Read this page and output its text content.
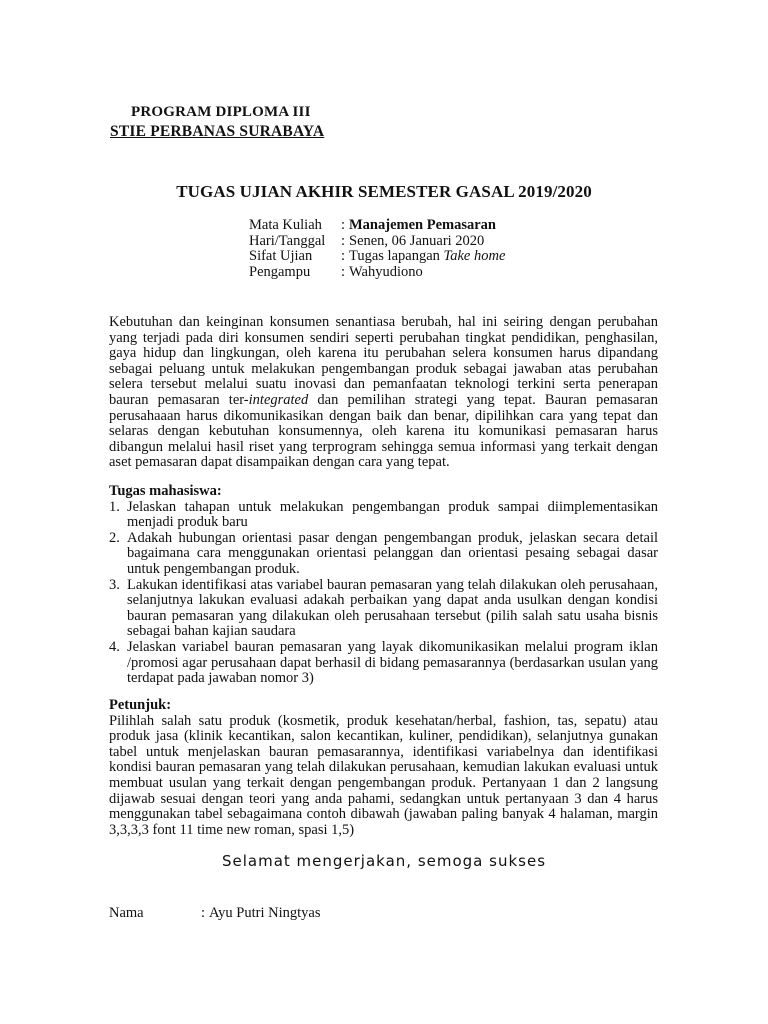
PROGRAM DIPLOMA III
STIE PERBANAS SURABAYA
TUGAS UJIAN AKHIR SEMESTER GASAL 2019/2020
Mata Kuliah	: Manajemen Pemasaran
Hari/Tanggal	: Senen, 06 Januari 2020
Sifat Ujian	: Tugas lapangan Take home
Pengampu	: Wahyudiono

Kebutuhan dan keinginan konsumen senantiasa berubah, hal ini seiring dengan perubahan yang terjadi pada diri konsumen sendiri seperti perubahan tingkat pendidikan, penghasilan, gaya hidup dan lingkungan, oleh karena itu perubahan selera konsumen harus dipandang sebagai peluang untuk melakukan pengembangan produk sebagai jawaban atas perubahan selera tersebut melalui suatu inovasi dan pemanfaatan teknologi terkini serta penerapan bauran pemasaran ter-integrated dan pemilihan strategi yang tepat. Bauran pemasaran perusahaaan harus dikomunikasikan dengan baik dan benar, dipilihkan cara yang tepat dan selaras dengan kebutuhan konsumennya, oleh karena itu komunikasi pemasaran harus dibangun melalui hasil riset yang terprogram sehingga semua informasi yang terkait dengan aset pemasaran dapat disampaikan dengan cara yang tepat.

Tugas mahasiswa:

1. Jelaskan tahapan untuk melakukan pengembangan produk sampai diimplementasikan menjadi produk baru
2. Adakah hubungan orientasi pasar dengan pengembangan produk, jelaskan secara detail bagaimana cara menggunakan orientasi pelanggan dan orientasi pesaing sebagai dasar untuk pengembangan produk.
3. Lakukan identifikasi atas variabel bauran pemasaran yang telah dilakukan oleh perusahaan, selanjutnya lakukan evaluasi adakah perbaikan yang dapat anda usulkan dengan kondisi bauran pemasaran yang dilakukan oleh perusahaan tersebut (pilih salah satu usaha bisnis sebagai bahan kajian saudara
4. Jelaskan variabel bauran pemasaran yang layak dikomunikasikan melalui program iklan /promosi agar perusahaan dapat berhasil di bidang pemasarannya (berdasarkan usulan yang terdapat pada jawaban nomor 3)

Petunjuk:

Pilihlah salah satu produk (kosmetik, produk kesehatan/herbal, fashion, tas, sepatu) atau produk jasa (klinik kecantikan, salon kecantikan, kuliner, pendidikan), selanjutnya gunakan tabel untuk menjelaskan bauran pemasarannya, identifikasi variabelnya dan identifikasi kondisi bauran pemasaran yang telah dilakukan perusahaan, kemudian lakukan evaluasi untuk membuat usulan yang terkait dengan pengembangan produk. Pertanyaan 1 dan 2 langsung dijawab sesuai dengan teori yang anda pahami, sedangkan untuk pertanyaan 3 dan 4 harus menggunakan tabel sebagaimana contoh dibawah (jawaban paling banyak 4 halaman, margin 3,3,3,3 font 11 time new roman, spasi 1,5)

Selamat mengerjakan, semoga sukses
Nama	: Ayu Putri Ningtyas
